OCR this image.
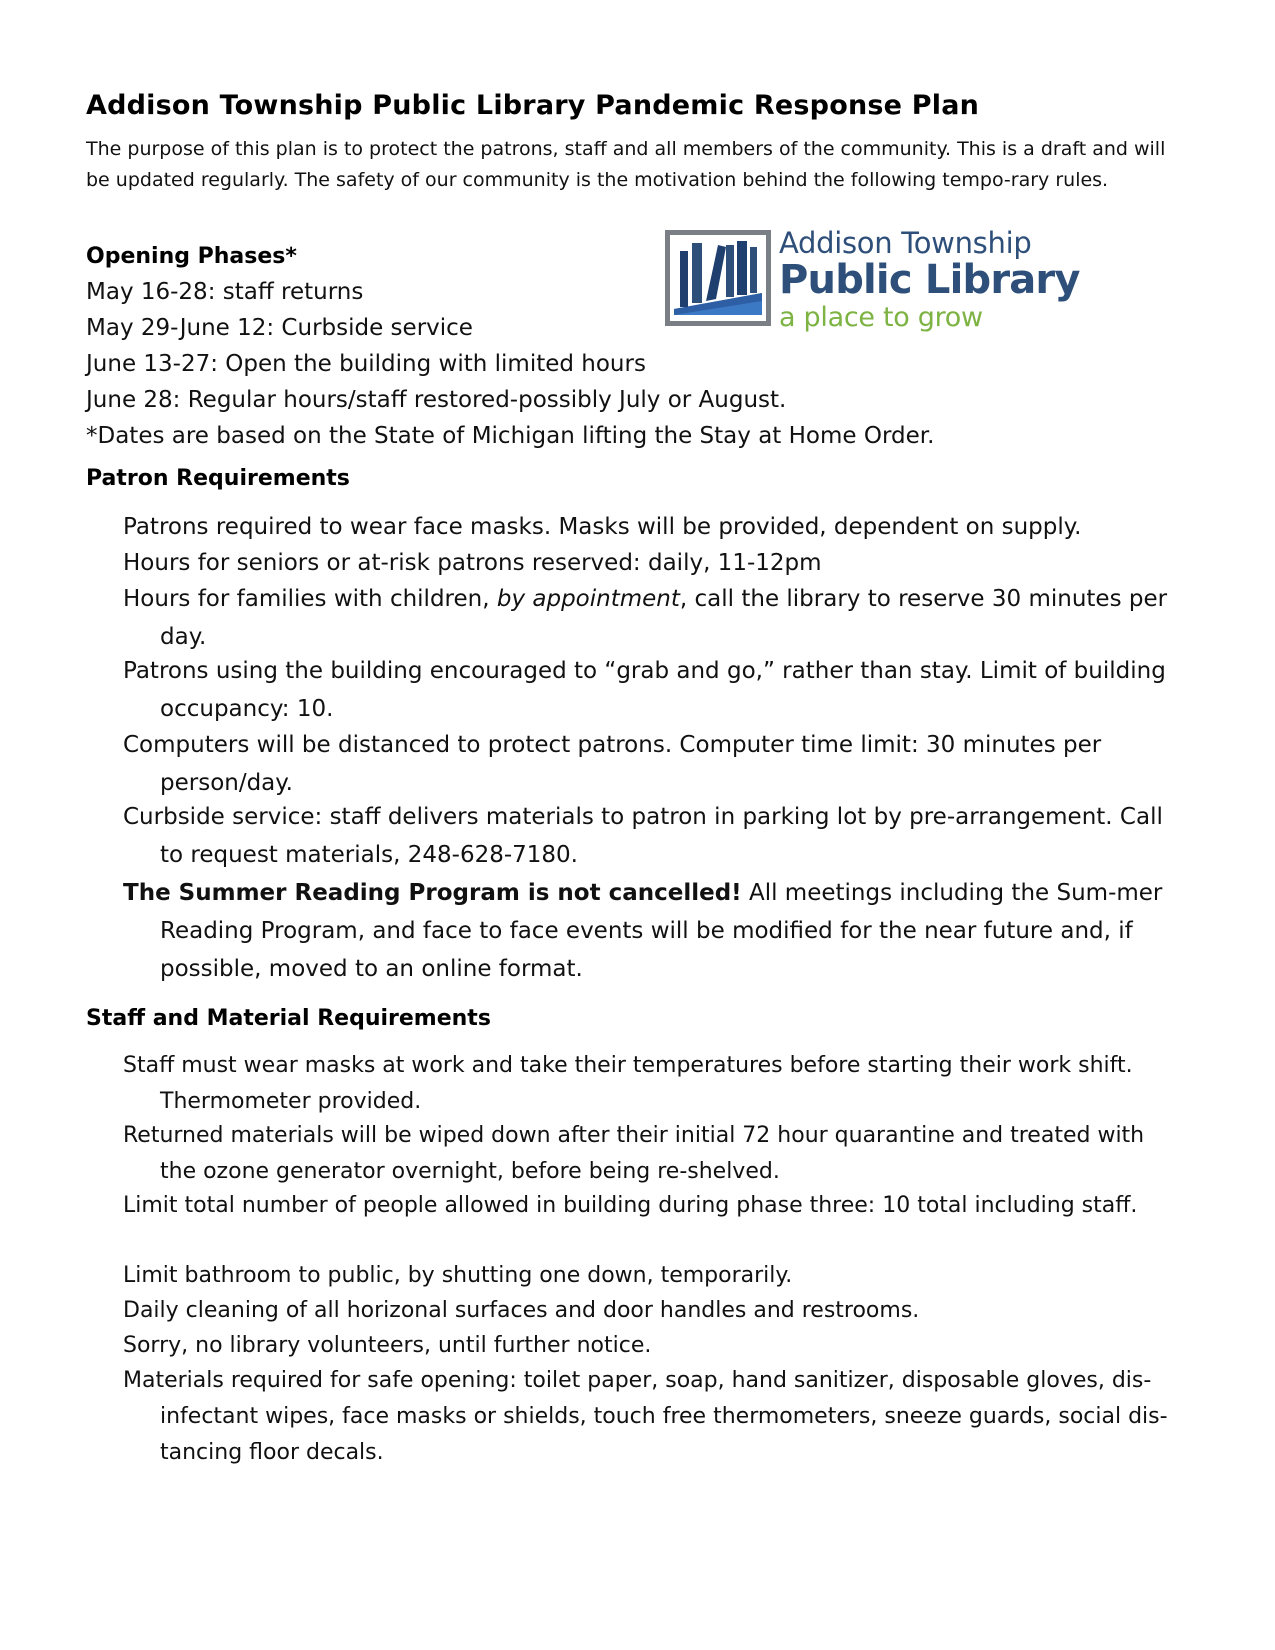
Addison Township Public Library Pandemic Response Plan
The purpose of this plan is to protect the patrons, staff and all members of the community. This is a draft and will be updated regularly. The safety of our community is the motivation behind the following tempo-rary rules.
Addison Township
Public Library
a place to grow
Opening Phases*
May 16-28: staff returns
May 29-June 12: Curbside service
June 13-27: Open the building with limited hours
June 28: Regular hours/staff restored-possibly July or August.
*Dates are based on the State of Michigan lifting the Stay at Home Order.
Patron Requirements
Patrons required to wear face masks. Masks will be provided, dependent on supply.
Hours for seniors or at-risk patrons reserved: daily, 11-12pm
Hours for families with children, by appointment, call the library to reserve 30 minutes per day.
Patrons using the building encouraged to “grab and go,” rather than stay. Limit of building occupancy: 10.
Computers will be distanced to protect patrons. Computer time limit: 30 minutes per person/day.
Curbside service: staff delivers materials to patron in parking lot by pre-arrangement. Call to request materials, 248-628-7180.
The Summer Reading Program is not cancelled! All meetings including the Sum-mer Reading Program, and face to face events will be modified for the near future and, if possible, moved to an online format.
Staff and Material Requirements
Staff must wear masks at work and take their temperatures before starting their work shift. Thermometer provided.
Returned materials will be wiped down after their initial 72 hour quarantine and treated with the ozone generator overnight, before being re-shelved.
Limit total number of people allowed in building during phase three: 10 total including staff.
Limit bathroom to public, by shutting one down, temporarily.
Daily cleaning of all horizonal surfaces and door handles and restrooms.
Sorry, no library volunteers, until further notice.
Materials required for safe opening: toilet paper, soap, hand sanitizer, disposable gloves, dis-infectant wipes, face masks or shields, touch free thermometers, sneeze guards, social dis-tancing floor decals.
